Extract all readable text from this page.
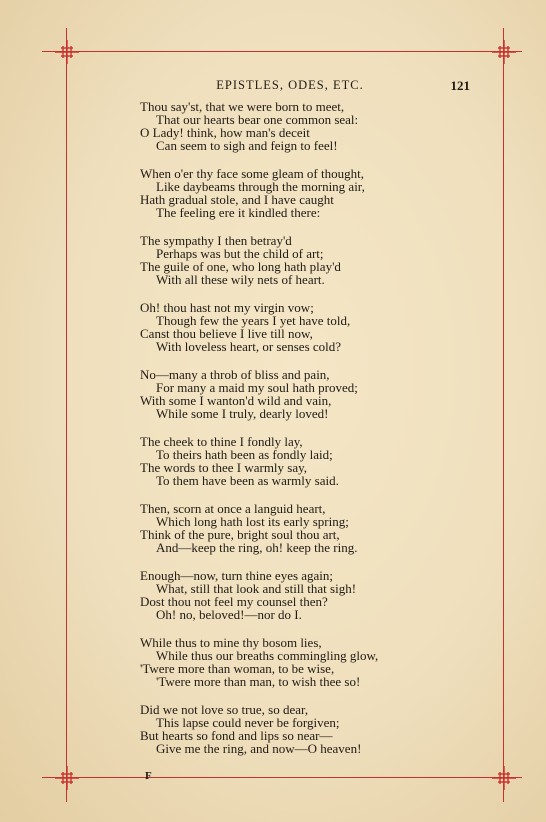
EPISTLES, ODES, ETC.	121
Thou say'st, that we were born to meet,
That our hearts bear one common seal:
O Lady! think, how man's deceit
Can seem to sigh and feign to feel!
When o'er thy face some gleam of thought,
Like daybeams through the morning air,
Hath gradual stole, and I have caught
The feeling ere it kindled there:
The sympathy I then betray'd
Perhaps was but the child of art;
The guile of one, who long hath play'd
With all these wily nets of heart.
Oh! thou hast not my virgin vow;
Though few the years I yet have told,
Canst thou believe I live till now,
With loveless heart, or senses cold?
No—many a throb of bliss and pain,
For many a maid my soul hath proved;
With some I wanton'd wild and vain,
While some I truly, dearly loved!
The cheek to thine I fondly lay,
To theirs hath been as fondly laid;
The words to thee I warmly say,
To them have been as warmly said.
Then, scorn at once a languid heart,
Which long hath lost its early spring;
Think of the pure, bright soul thou art,
And—keep the ring, oh! keep the ring.
Enough—now, turn thine eyes again;
What, still that look and still that sigh!
Dost thou not feel my counsel then?
Oh! no, beloved!—nor do I.
While thus to mine thy bosom lies,
While thus our breaths commingling glow,
'Twere more than woman, to be wise,
'Twere more than man, to wish thee so!
Did we not love so true, so dear,
This lapse could never be forgiven;
But hearts so fond and lips so near—
Give me the ring, and now—O heaven!
F
